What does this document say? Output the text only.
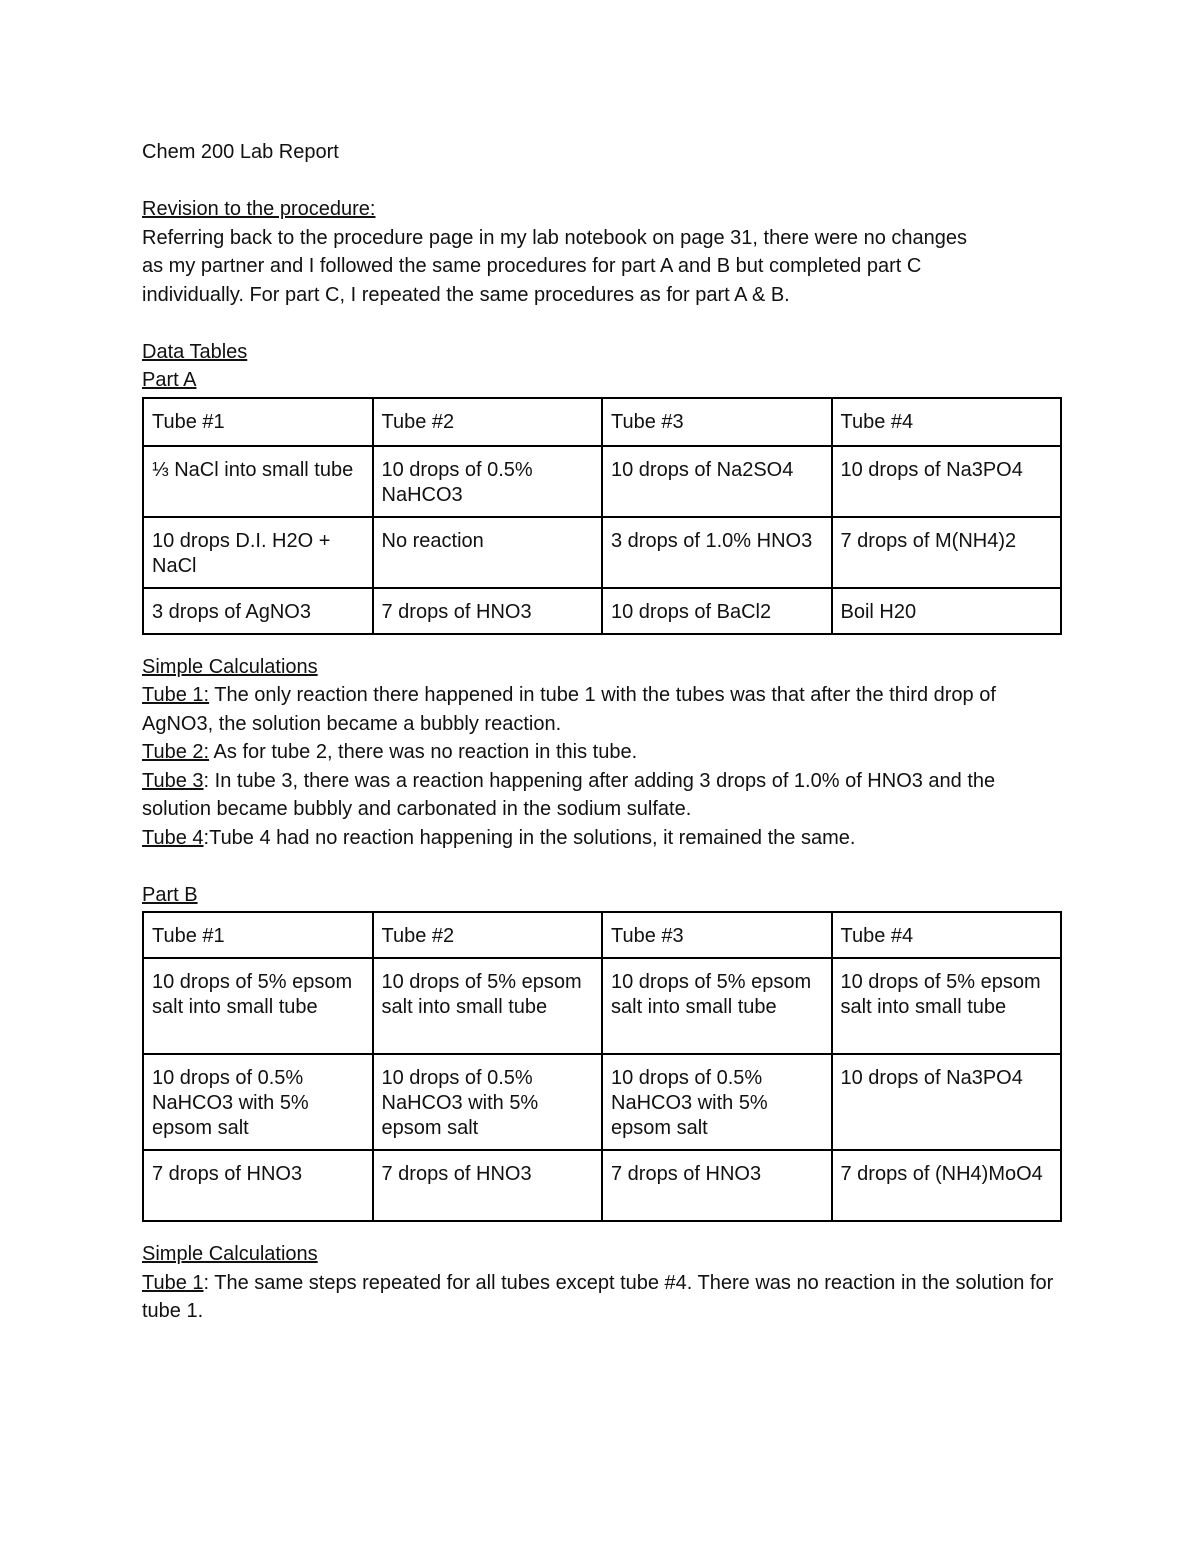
Chem 200 Lab Report

Revision to the procedure:

Referring back to the procedure page in my lab notebook on page 31, there were no changes

as my partner and I followed the same procedures for part A and B but completed part C

individually. For part C, I repeated the same procedures as for part A & B.

Data Tables

Part A

Tube #1	Tube #2	Tube #3	Tube #4
⅓ NaCl into small tube	10 drops of 0.5% NaHCO3	10 drops of Na2SO4	10 drops of Na3PO4
10 drops D.I. H2O + NaCl	No reaction	3 drops of 1.0% HNO3	7 drops of M(NH4)2
3 drops of AgNO3	7 drops of HNO3	10 drops of BaCl2	Boil H20

Simple Calculations

Tube 1: The only reaction there happened in tube 1 with the tubes was that after the third drop of AgNO3, the solution became a bubbly reaction.

Tube 2: As for tube 2, there was no reaction in this tube.

Tube 3: In tube 3, there was a reaction happening after adding 3 drops of 1.0% of HNO3 and the solution became bubbly and carbonated in the sodium sulfate.

Tube 4:Tube 4 had no reaction happening in the solutions, it remained the same.

Part B

Tube #1	Tube #2	Tube #3	Tube #4
10 drops of 5% epsom salt into small tube	10 drops of 5% epsom salt into small tube	10 drops of 5% epsom salt into small tube	10 drops of 5% epsom salt into small tube
10 drops of 0.5% NaHCO3 with 5% epsom salt	10 drops of 0.5% NaHCO3 with 5% epsom salt	10 drops of 0.5% NaHCO3 with 5% epsom salt	10 drops of Na3PO4
7 drops of HNO3	7 drops of HNO3	7 drops of HNO3	7 drops of (NH4)MoO4

Simple Calculations

Tube 1: The same steps repeated for all tubes except tube #4. There was no reaction in the solution for tube 1.
